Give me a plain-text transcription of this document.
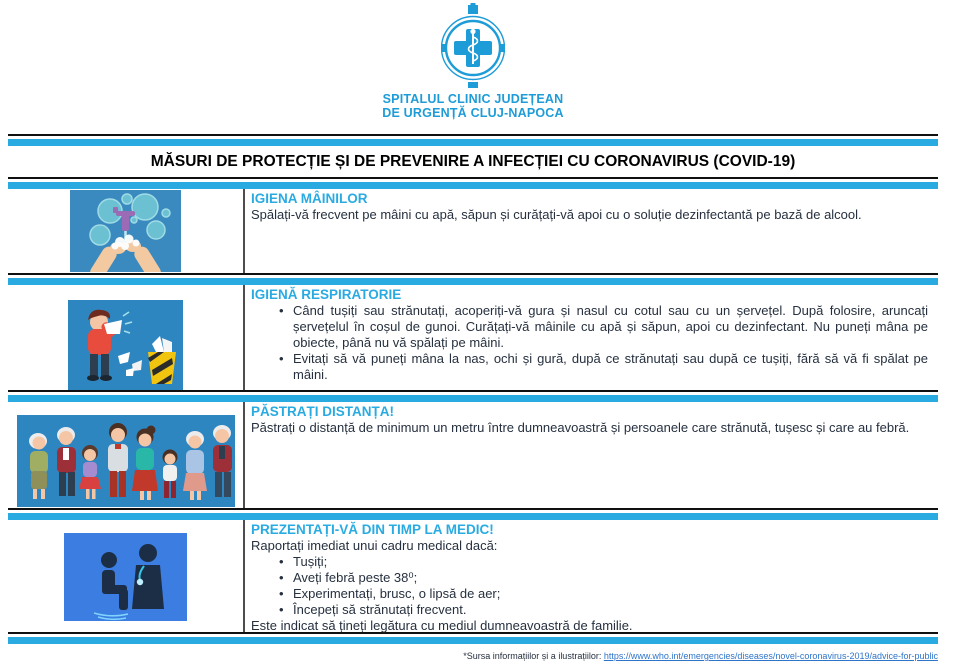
SPITALUL CLINIC JUDEȚEAN
DE URGENȚĂ CLUJ-NAPOCA
MĂSURI DE PROTECȚIE ȘI DE PREVENIRE A INFECȚIEI CU CORONAVIRUS (COVID-19)
IGIENA MÂINILOR
Spălați-vă frecvent pe mâini cu apă, săpun și curățați-vă apoi cu o soluție dezinfectantă pe bază de alcool.
IGIENĂ RESPIRATORIE
• Când tușiți sau strănutați, acoperiți-vă gura și nasul cu cotul sau cu un șervețel. După folosire, aruncați șervețelul în coșul de gunoi. Curățați-vă mâinile cu apă și săpun, apoi cu dezinfectant. Nu puneți mâna pe obiecte, până nu vă spălați pe mâini.
• Evitați să vă puneți mâna la nas, ochi și gură, după ce strănutați sau după ce tușiți, fără să vă fi spălat pe mâini.
PĂSTRAȚI DISTANȚA!
Păstrați o distanță de minimum un metru între dumneavoastră și persoanele care strănută, tușesc și care au febră.
PREZENTAȚI-VĂ DIN TIMP LA MEDIC!
Raportați imediat unui cadru medical dacă:
• Tușiți;
• Aveți febră peste 38⁰;
• Experimentați, brusc, o lipsă de aer;
• Începeți să strănutați frecvent.
Este indicat să țineți legătura cu mediul dumneavoastră de familie.
*Sursa informațiilor și a ilustrațiilor: https://www.who.int/emergencies/diseases/novel-coronavirus-2019/advice-for-public
